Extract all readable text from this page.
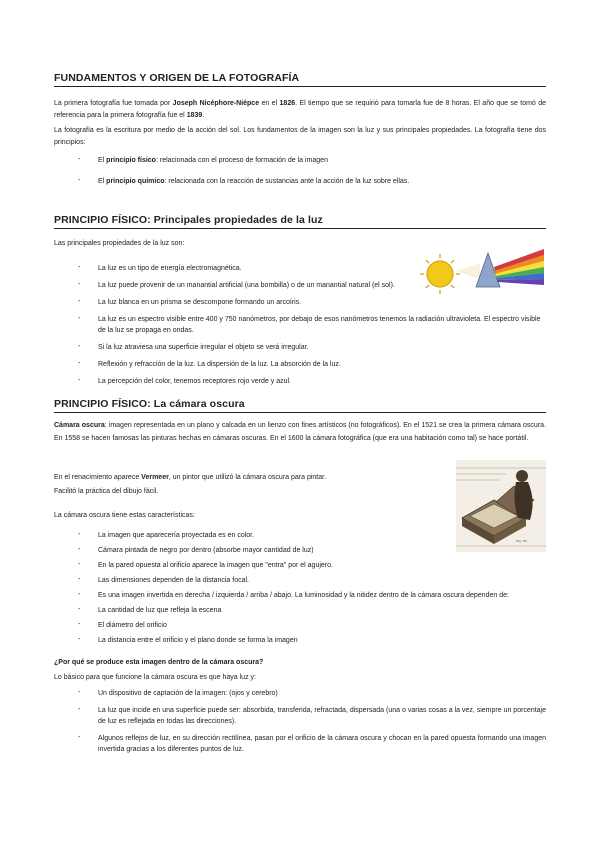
FUNDAMENTOS Y ORIGEN DE LA FOTOGRAFÍA
La primera fotografía fue tomada por Joseph Nicéphore-Niépce en el 1826. El tiempo que se requirió para tomarla fue de 8 horas. El año que se tomó de referencia para la primera fotografía fue el 1839.
La fotografía es la escritura por medio de la acción del sol. Los fundamentos de la imagen son la luz y sus principales propiedades. La fotografía tiene dos principios:
- El principio físico: relacionada con el proceso de formación de la imagen
- El principio químico: relacionada con la reacción de sustancias ante la acción de la luz sobre ellas.
PRINCIPIO FÍSICO: Principales propiedades de la luz
Las principales propiedades de la luz son:	· · ·	· · ·
· ·
- La luz es un tipo de energía electromagnética.
- La luz puede provenir de un manantial artificial (una bombilla) o de un manantial natural (el sol).
- La luz blanca en un prisma se descompone formando un arcoíris.
- La luz es un espectro visible entre 400 y 750 nanómetros, por debajo de esos nanómetros tenemos la radiación ultravioleta. El espectro visible de la luz se propaga en ondas.
- Si la luz atraviesa una superficie irregular el objeto se verá irregular.
- Reflexión y refracción de la luz. La dispersión de la luz. La absorción de la luz.
- La percepción del color, tenemos receptores rojo verde y azul.
PRINCIPIO FÍSICO: La cámara oscura
Cámara oscura: imagen representada en un plano y calcada en un lienzo con fines artísticos (no fotográficos). En el 1521 se crea la primera cámara oscura. En 1558 se hacen famosas las pinturas hechas en cámaras oscuras. En el 1600 la cámara fotográfica (que era una habitación como tal) se hace portátil.
En el renacimiento aparece Vermeer, un pintor que utilizó la cámara oscura para pintar.
Facilitó la práctica del dibujo fácil.
Fig. 86
La cámara oscura tiene estas características:
- La imagen que aparecería proyectada es en color.
- Cámara pintada de negro por dentro (absorbe mayor cantidad de luz)
- En la pared opuesta al orificio aparece la imagen que "entra" por el agujero.
- Las dimensiones dependen de la distancia focal.
- Es una imagen invertida en derecha / izquierda / arriba / abajo. La luminosidad y la nitidez dentro de la cámara oscura dependen de:
- La cantidad de luz que refleja la escena
- El diámetro del orificio
- La distancia entre el orificio y el plano donde se forma la imagen
¿Por qué se produce esta imagen dentro de la cámara oscura?
Lo básico para que funcione la cámara oscura es que haya luz y:
- Un dispositivo de captación de la imagen: (ojos y cerebro)
- La luz que incide en una superficie puede ser: absorbida, transferida, refractada, dispersada (una o varias cosas a la vez, siempre un porcentaje de luz es reflejada en todas las direcciones).
- Algunos reflejos de luz, en su dirección rectilínea, pasan por el orificio de la cámara oscura y chocan en la pared opuesta formando una imagen invertida gracias a los diferentes puntos de luz.
